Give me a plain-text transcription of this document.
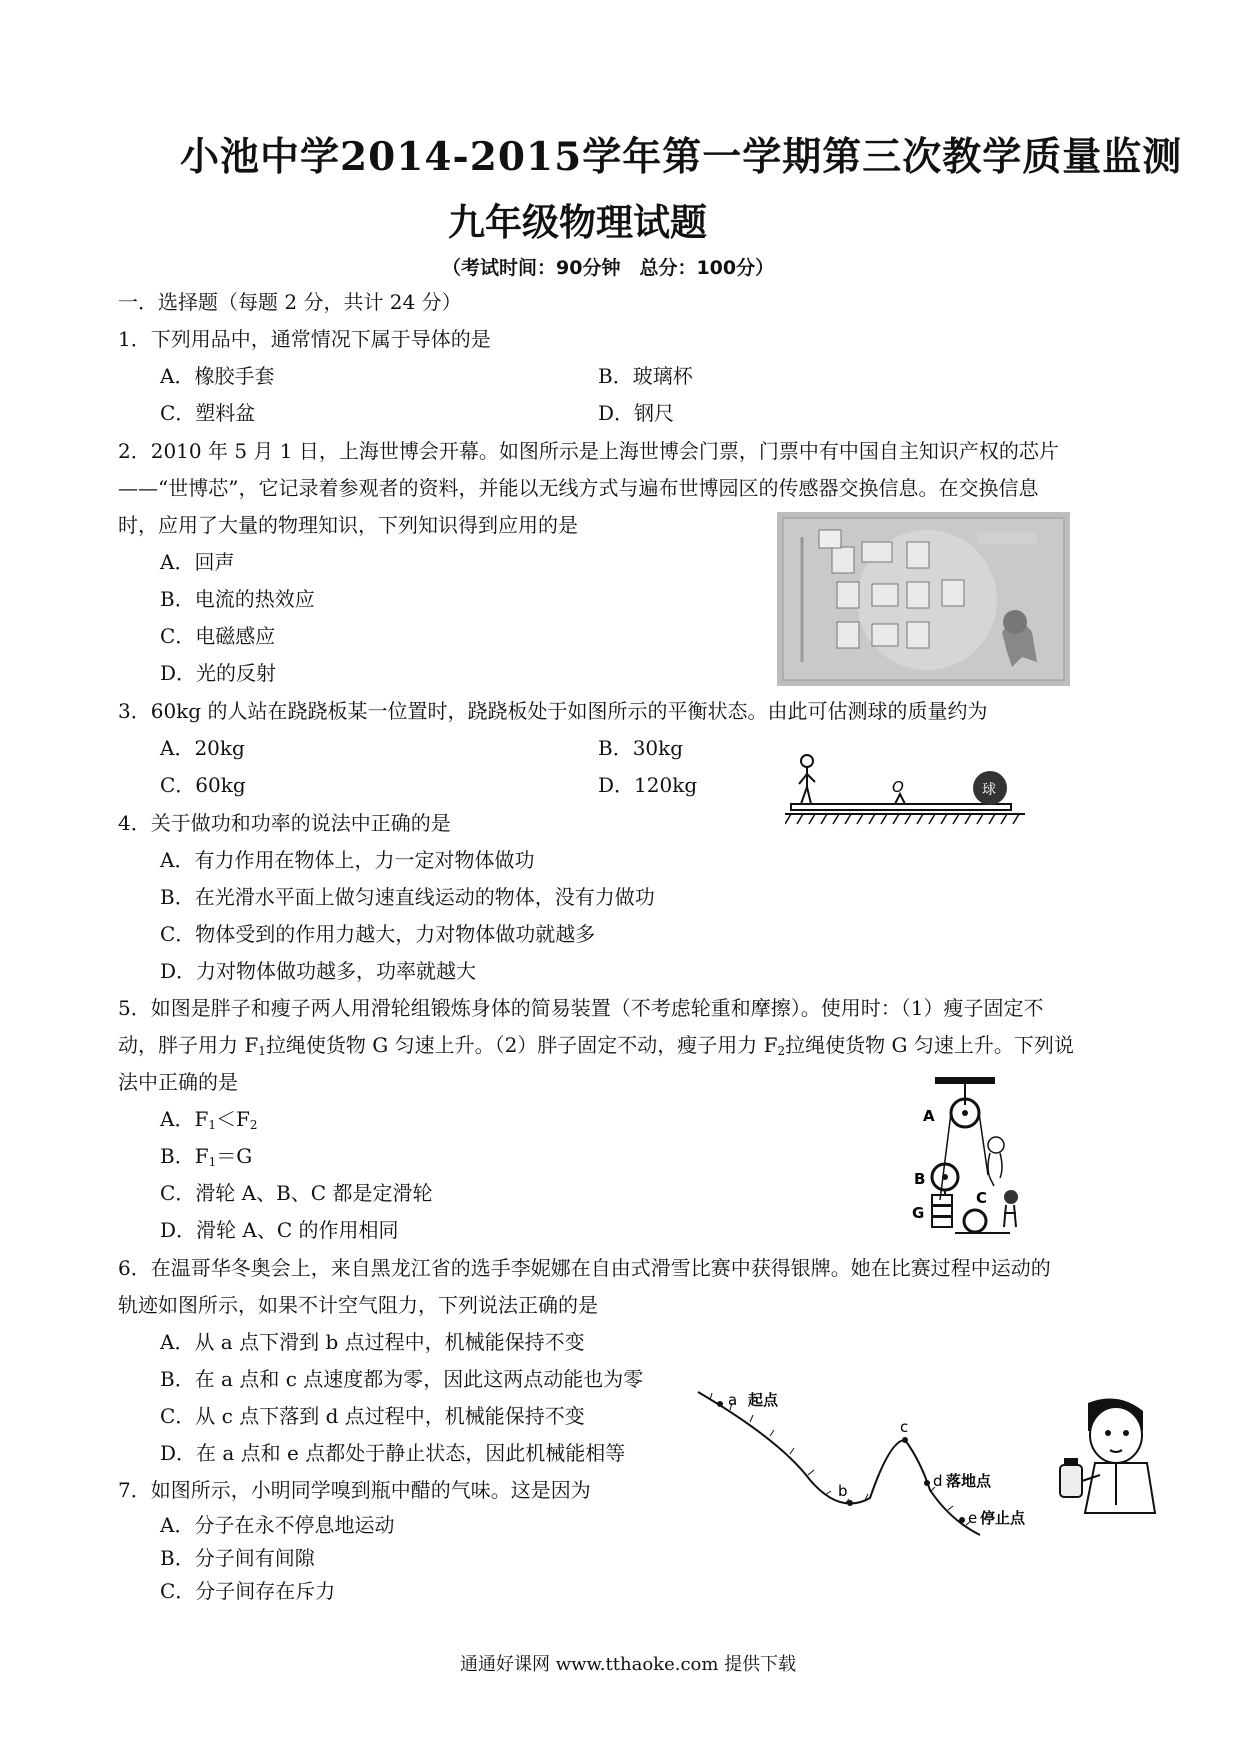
小池中学2014-2015学年第一学期第三次教学质量监测
九年级物理试题
（考试时间：90分钟　总分：100分）
一．选择题（每题 2 分，共计 24 分）
1．下列用品中，通常情况下属于导体的是
A．橡胶手套	B．玻璃杯
C．塑料盆	D．钢尺
2．2010 年 5 月 1 日，上海世博会开幕。如图所示是上海世博会门票，门票中有中国自主知识产权的芯片
——“世博芯”，它记录着参观者的资料，并能以无线方式与遍布世博园区的传感器交换信息。在交换信息
时，应用了大量的物理知识，下列知识得到应用的是
A．回声
B．电流的热效应
C．电磁感应
D．光的反射
3．60kg 的人站在跷跷板某一位置时，跷跷板处于如图所示的平衡状态。由此可估测球的质量约为
A．20kg	B．30kg
C．60kg	D．120kg	O	球
4．关于做功和功率的说法中正确的是
A．有力作用在物体上，力一定对物体做功
B．在光滑水平面上做匀速直线运动的物体，没有力做功
C．物体受到的作用力越大，力对物体做功就越多
D．力对物体做功越多，功率就越大
5．如图是胖子和瘦子两人用滑轮组锻炼身体的简易装置（不考虑轮重和摩擦）。使用时：（1）瘦子固定不
动，胖子用力 $F_1$拉绳使货物 G 匀速上升。（2）胖子固定不动，瘦子用力 $F_2$拉绳使货物 G 匀速上升。下列说
法中正确的是
A．$F_1<F_2$
B．$F_1=G$
C．滑轮 A、B、C 都是定滑轮
D．滑轮 A、C 的作用相同
A
B
G
C
6．在温哥华冬奥会上，来自黑龙江省的选手李妮娜在自由式滑雪比赛中获得银牌。她在比赛过程中运动的
轨迹如图所示，如果不计空气阻力，下列说法正确的是
A．从 a 点下滑到 b 点过程中，机械能保持不变
B．在 a 点和 c 点速度都为零，因此这两点动能也为零
C．从 c 点下落到 d 点过程中，机械能保持不变
D．在 a 点和 e 点都处于静止状态，因此机械能相等
a 起点
b
c
d 落地点
e 停止点
7．如图所示，小明同学嗅到瓶中醋的气味。这是因为
A．分子在永不停息地运动
B．分子间有间隙
C．分子间存在斥力
通通好课网 www.tthaoke.com 提供下载
